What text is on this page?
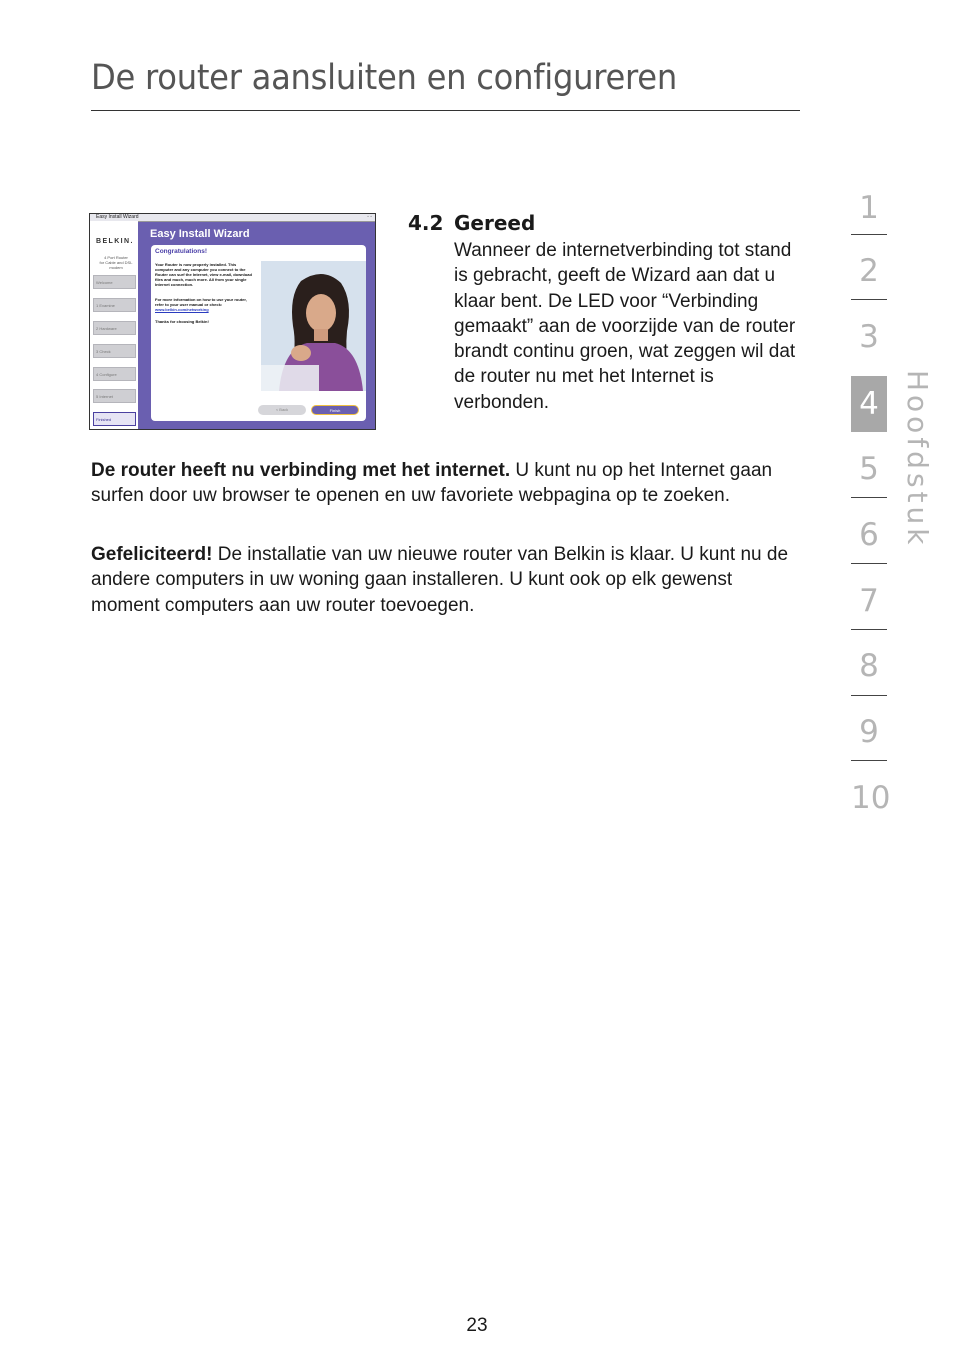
De router aansluiten en configureren
Easy Install Wizard	◦ ◦
BELKIN.
4 Port Router
for Cable and DSL modem
Welcome
1 Examine
2 Hardware
3 Check
4 Configure
5 Internet
Finished
Easy Install Wizard
Congratulations!
Your Router is now properly installed. This computer and any computer you connect to the Router can surf the Internet, view e-mail, download files and much, much more. All from your single Internet connection.
For more information on how to use your router, refer to your user manual or check:
www.belkin.com/networking
Thanks for choosing Belkin!
< Back	Finish
4.2 Gereed

Wanneer de internetverbinding tot stand is gebracht, geeft de Wizard aan dat u klaar bent. De LED voor “Verbinding gemaakt” aan de voorzijde van de router brandt continu groen, wat zeggen wil dat de router nu met het Internet is verbonden.

De router heeft nu verbinding met het internet. U kunt nu op het Internet gaan surfen door uw browser te openen en uw favoriete webpagina op te zoeken.

Gefeliciteerd! De installatie van uw nieuwe router van Belkin is klaar. U kunt nu de andere computers in uw woning gaan installeren. U kunt ook op elk gewenst moment computers aan uw router toevoegen.

1
2
3
4
5
6
7
8
9
10
Hoofdstuk
23
